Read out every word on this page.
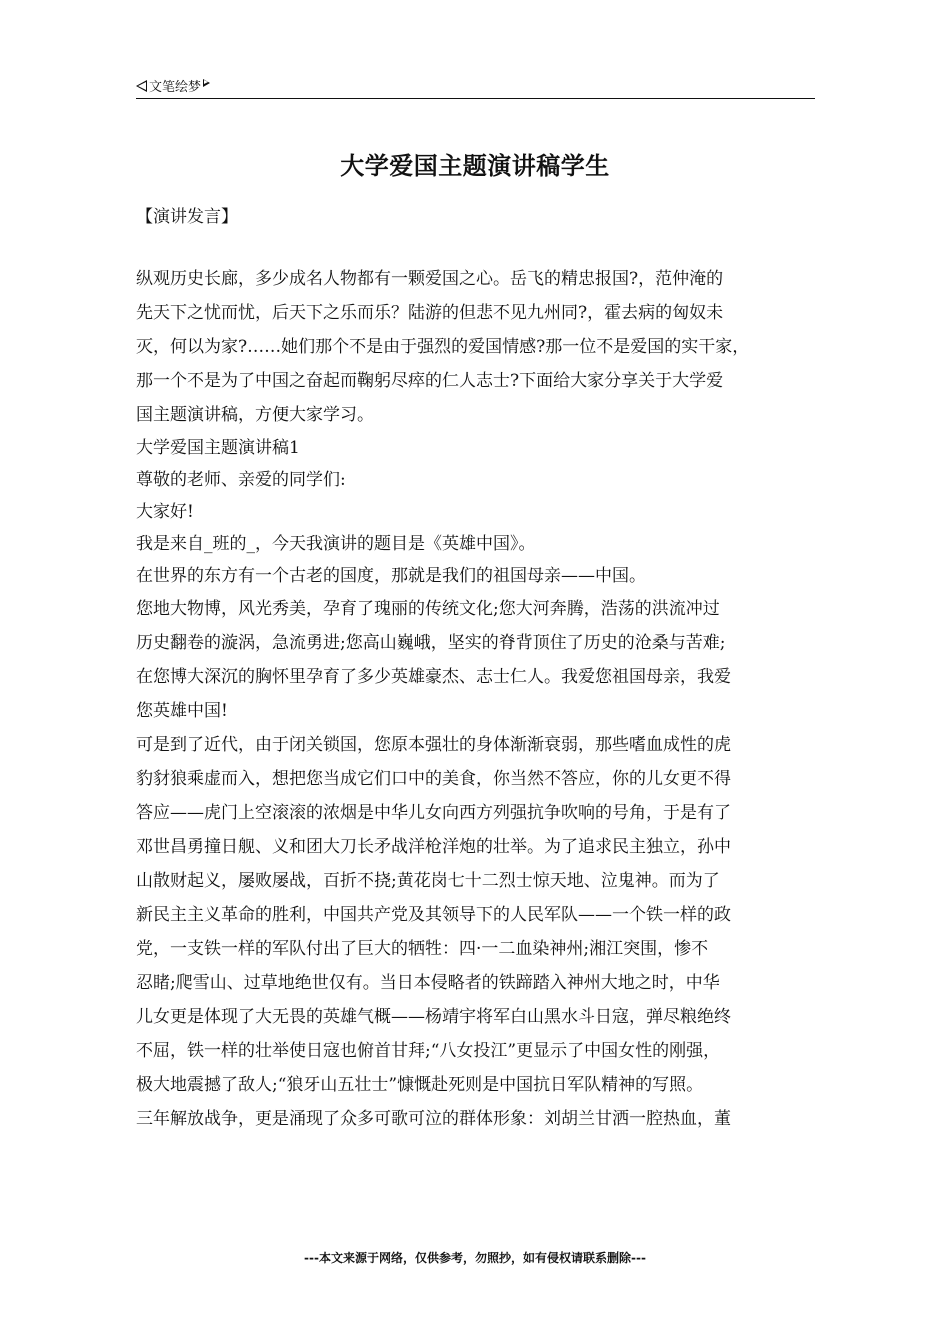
文笔绘梦
大学爱国主题演讲稿学生
【演讲发言】
纵观历史长廊，多少成名人物都有一颗爱国之心。岳飞的精忠报国?，范仲淹的
先天下之忧而忧，后天下之乐而乐？陆游的但悲不见九州同?，霍去病的匈奴未
灭，何以为家?……她们那个不是由于强烈的爱国情感?那一位不是爱国的实干家，
那一个不是为了中国之奋起而鞠躬尽瘁的仁人志士?下面给大家分享关于大学爱
国主题演讲稿，方便大家学习。
大学爱国主题演讲稿1
尊敬的老师、亲爱的同学们:
大家好!
我是来自_班的_，今天我演讲的题目是《英雄中国》。
在世界的东方有一个古老的国度，那就是我们的祖国母亲——中国。
您地大物博，风光秀美，孕育了瑰丽的传统文化;您大河奔腾，浩荡的洪流冲过
历史翻卷的漩涡，急流勇进;您高山巍峨，坚实的脊背顶住了历史的沧桑与苦难;
在您博大深沉的胸怀里孕育了多少英雄豪杰、志士仁人。我爱您祖国母亲，我爱
您英雄中国!
可是到了近代，由于闭关锁国，您原本强壮的身体渐渐衰弱，那些嗜血成性的虎
豹豺狼乘虚而入，想把您当成它们口中的美食，你当然不答应，你的儿女更不得
答应——虎门上空滚滚的浓烟是中华儿女向西方列强抗争吹响的号角，于是有了
邓世昌勇撞日舰、义和团大刀长矛战洋枪洋炮的壮举。为了追求民主独立，孙中
山散财起义，屡败屡战，百折不挠;黄花岗七十二烈士惊天地、泣鬼神。而为了
新民主主义革命的胜利，中国共产党及其领导下的人民军队——一个铁一样的政
党，一支铁一样的军队付出了巨大的牺牲：四·一二血染神州;湘江突围，惨不
忍睹;爬雪山、过草地绝世仅有。当日本侵略者的铁蹄踏入神州大地之时，中华
儿女更是体现了大无畏的英雄气概——杨靖宇将军白山黑水斗日寇，弹尽粮绝终
不屈，铁一样的壮举使日寇也俯首甘拜;“八女投江”更显示了中国女性的刚强，
极大地震撼了敌人;“狼牙山五壮士”慷慨赴死则是中国抗日军队精神的写照。
三年解放战争，更是涌现了众多可歌可泣的群体形象：刘胡兰甘洒一腔热血，董
---本文来源于网络，仅供参考，勿照抄，如有侵权请联系删除---
